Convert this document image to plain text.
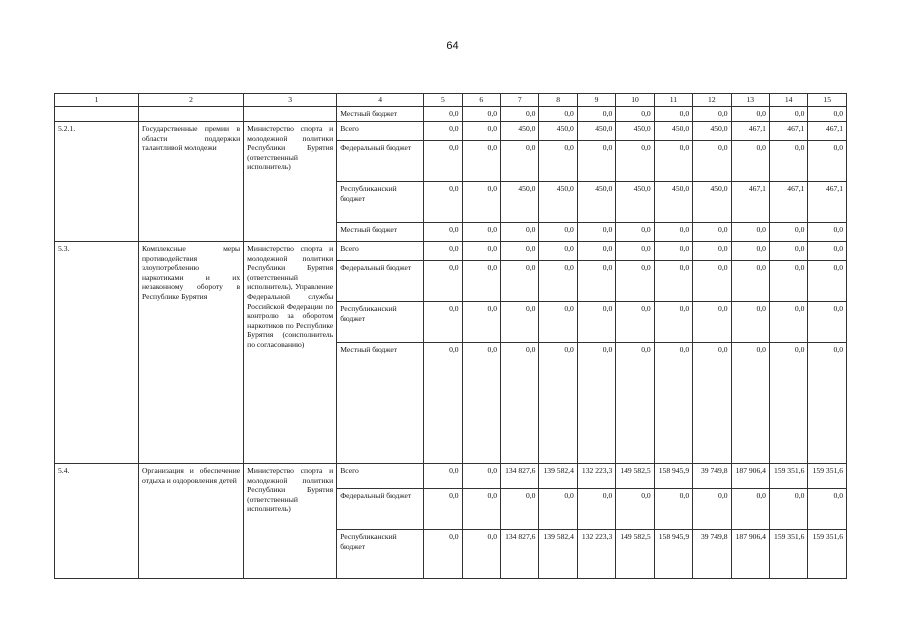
64
1	2	3	4	5	6	7	8	9	10	11	12	13	14	15
			Местный бюджет	0,0	0,0	0,0	0,0	0,0	0,0	0,0	0,0	0,0	0,0	0,0
5.2.1.	Государственные премии в области поддержки талантливой молодежи	Министерство спорта и молодежной политики Республики Бурятия (ответственный исполнитель)	Всего	0,0	0,0	450,0	450,0	450,0	450,0	450,0	450,0	467,1	467,1	467,1
			Федеральный бюджет	0,0	0,0	0,0	0,0	0,0	0,0	0,0	0,0	0,0	0,0	0,0
			Республиканский бюджет	0,0	0,0	450,0	450,0	450,0	450,0	450,0	450,0	467,1	467,1	467,1
			Местный бюджет	0,0	0,0	0,0	0,0	0,0	0,0	0,0	0,0	0,0	0,0	0,0
5.3.	Комплексные меры противодействия злоупотреблению наркотиками и их незаконному обороту в Республике Бурятия	Министерство спорта и молодежной политики Республики Бурятия (ответственный исполнитель), Управление Федеральной службы Российской Федерации по контролю за оборотом наркотиков по Республике Бурятия (соисполнитель по согласованию)	Всего	0,0	0,0	0,0	0,0	0,0	0,0	0,0	0,0	0,0	0,0	0,0
			Федеральный бюджет	0,0	0,0	0,0	0,0	0,0	0,0	0,0	0,0	0,0	0,0	0,0
			Республиканский бюджет	0,0	0,0	0,0	0,0	0,0	0,0	0,0	0,0	0,0	0,0	0,0
			Местный бюджет	0,0	0,0	0,0	0,0	0,0	0,0	0,0	0,0	0,0	0,0	0,0
5.4.	Организация и обеспечение отдыха и оздоровления детей	Министерство спорта и молодежной политики Республики Бурятия (ответственный исполнитель)	Всего	0,0	0,0	134 827,6	139 582,4	132 223,3	149 582,5	158 945,9	39 749,8	187 906,4	159 351,6	159 351,6
			Федеральный бюджет	0,0	0,0	0,0	0,0	0,0	0,0	0,0	0,0	0,0	0,0	0,0
			Республиканский бюджет	0,0	0,0	134 827,6	139 582,4	132 223,3	149 582,5	158 945,9	39 749,8	187 906,4	159 351,6	159 351,6
